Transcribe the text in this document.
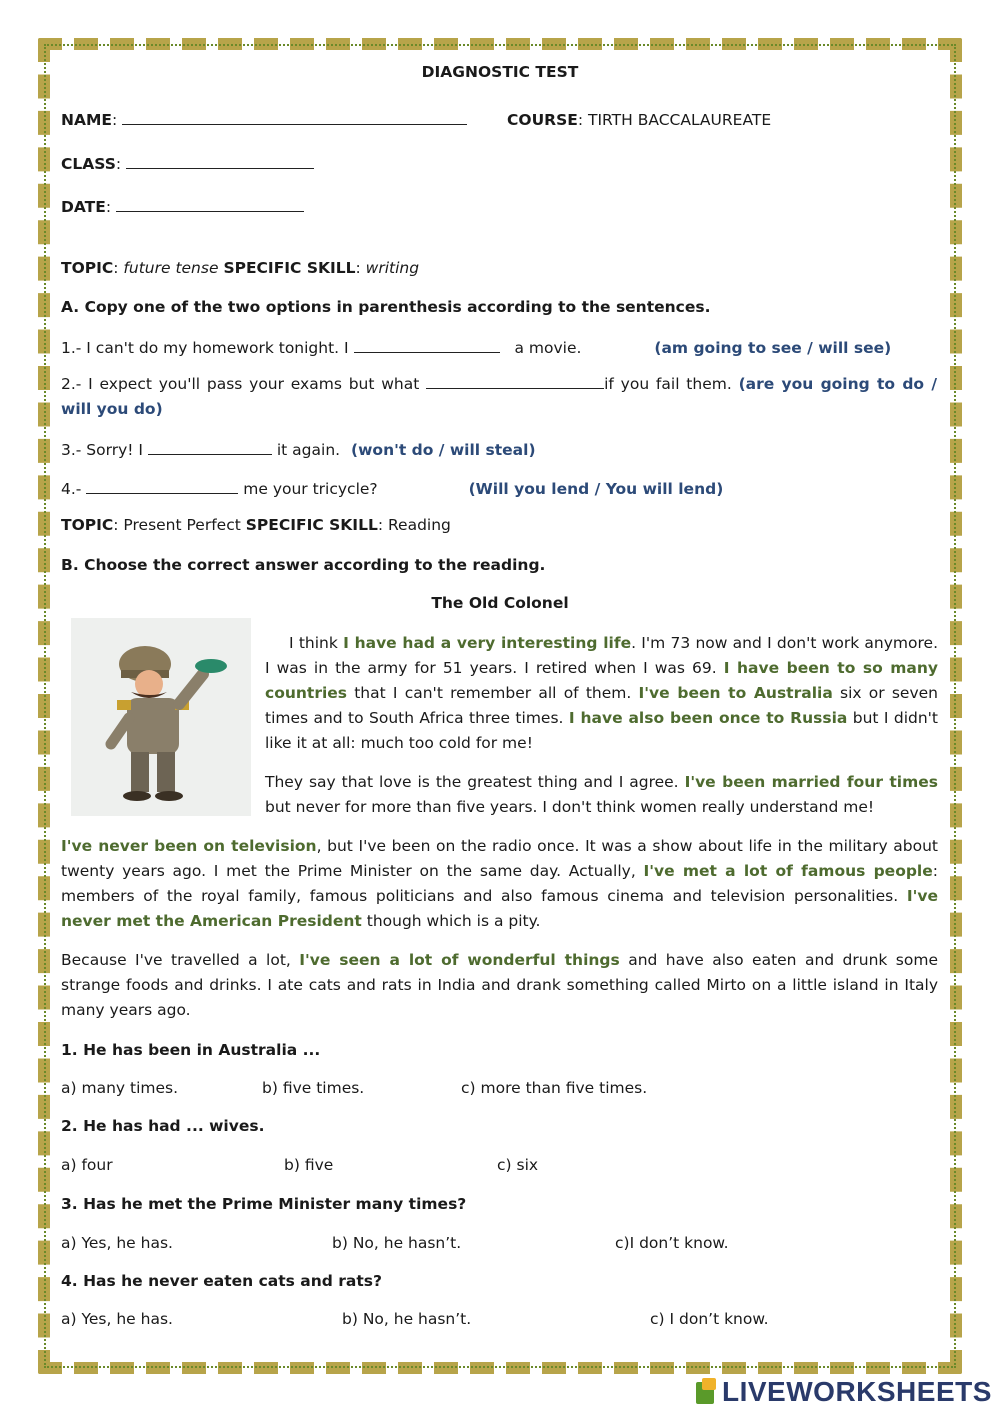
DIAGNOSTIC TEST
NAME:	COURSE: TIRTH BACCALAUREATE
CLASS:
DATE:
TOPIC: future tense SPECIFIC SKILL: writing
A. Copy one of the two options in parenthesis according to the sentences.
1.- I can't do my homework tonight. I	a movie.	(am going to see / will see)
2.- I expect you'll pass your exams but what	if you fail them. (are you going to do / will you do)
3.- Sorry! I	it again. (won't do / will steal)
4.-	me your tricycle?	(Will you lend / You will lend)
TOPIC: Present Perfect SPECIFIC SKILL: Reading
B. Choose the correct answer according to the reading.
The Old Colonel
I think I have had a very interesting life. I'm 73 now and I don't work anymore. I was in the army for 51 years. I retired when I was 69. I have been to so many countries that I can't remember all of them. I've been to Australia six or seven times and to South Africa three times. I have also been once to Russia but I didn't like it at all: much too cold for me!
They say that love is the greatest thing and I agree. I've been married four times but never for more than five years. I don't think women really understand me!
I've never been on television, but I've been on the radio once. It was a show about life in the military about twenty years ago. I met the Prime Minister on the same day. Actually, I've met a lot of famous people: members of the royal family, famous politicians and also famous cinema and television personalities. I've never met the American President though which is a pity.
Because I've travelled a lot, I've seen a lot of wonderful things and have also eaten and drunk some strange foods and drinks. I ate cats and rats in India and drank something called Mirto on a little island in Italy many years ago.
1. He has been in Australia ...
a) many times.	b) five times.	c) more than five times.
2. He has had ... wives.
a) four	b) five	c) six
3. Has he met the Prime Minister many times?
a) Yes, he has.	b) No, he hasn’t.	c)I don’t know.
4. Has he never eaten cats and rats?
a) Yes, he has.	b) No, he hasn’t.	c) I don’t know.
LIVEWORKSHEETS
